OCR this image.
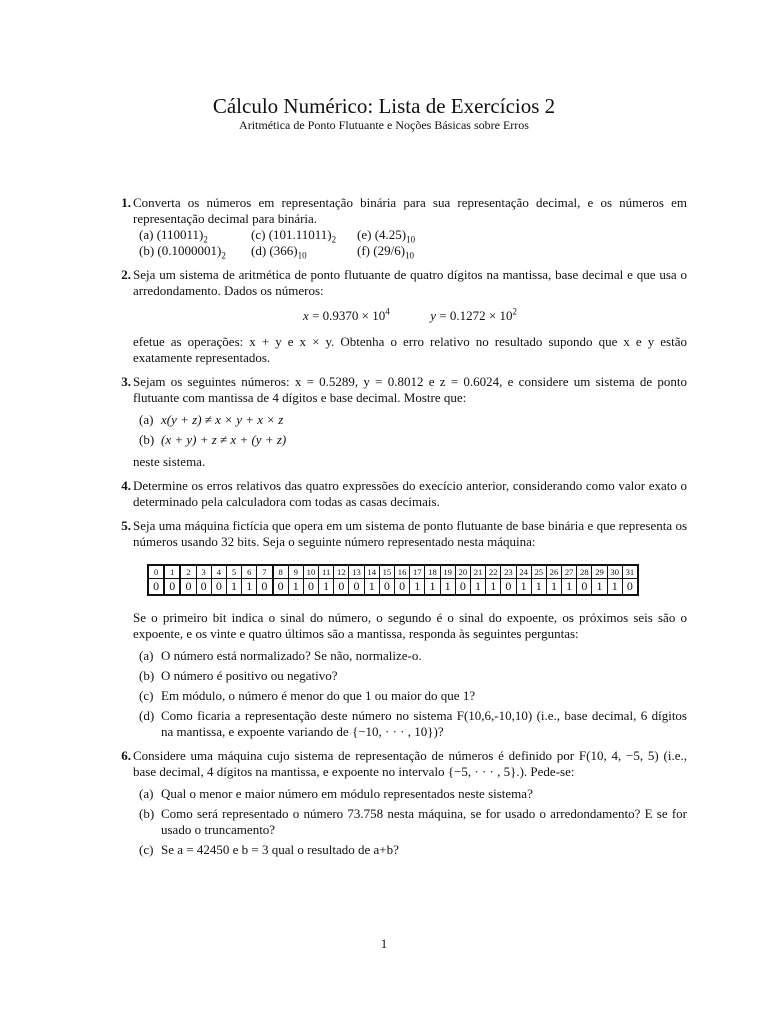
Cálculo Numérico: Lista de Exercícios 2
Aritmética de Ponto Flutuante e Noções Básicas sobre Erros
1. Converta os números em representação binária para sua representação decimal, e os números em representação decimal para binária.

(a) $(110011)_2$	(c) $(101.11011)_2$	(e) $(4.25)_{10}$
(b) $(0.1000001)_2$	(d) $(366)_{10}$	(f) $(29/6)_{10}$
2. Seja um sistema de aritmética de ponto flutuante de quatro dígitos na mantissa, base decimal e que usa o arredondamento. Dados os números:

$x = 0.9370 \times 10^4$	$y = 0.1272 \times 10^2$

efetue as operações: x + y e x × y. Obtenha o erro relativo no resultado supondo que x e y estão exatamente representados.

3. Sejam os seguintes números: x = 0.5289, y = 0.8012 e z = 0.6024, e considere um sistema de ponto flutuante com mantissa de 4 dígitos e base decimal. Mostre que:

(a) x(y + z) ≠ x × y + x × z
(b) (x + y) + z ≠ x + (y + z)

neste sistema.

4. Determine os erros relativos das quatro expressões do execício anterior, considerando como valor exato o determinado pela calculadora com todas as casas decimais.

5. Seja uma máquina fictícia que opera em um sistema de ponto flutuante de base binária e que representa os números usando 32 bits. Seja o seguinte número representado nesta máquina:

0	1	2	3	4	5	6	7	8	9	10	11	12	13	14	15	16	17	18	19	20	21	22	23	24	25	26	27	28	29	30	31
0	0	0	0	0	1	1	0	0	1	0	1	0	0	1	0	0	1	1	1	0	1	1	0	1	1	1	1	0	1	1	0

Se o primeiro bit indica o sinal do número, o segundo é o sinal do expoente, os próximos seis são o expoente, e os vinte e quatro últimos são a mantissa, responda às seguintes perguntas:

(a) O número está normalizado? Se não, normalize-o.
(b) O número é positivo ou negativo?
(c) Em módulo, o número é menor do que 1 ou maior do que 1?
(d) Como ficaria a representação deste número no sistema F(10,6,-10,10) (i.e., base decimal, 6 dígitos na mantissa, e expoente variando de {−10, · · · , 10})?
6. Considere uma máquina cujo sistema de representação de números é definido por F(10, 4, −5, 5) (i.e., base decimal, 4 dígitos na mantissa, e expoente no intervalo {−5, · · · , 5}.). Pede-se:

(a) Qual o menor e maior número em módulo representados neste sistema?
(b) Como será representado o número 73.758 nesta máquina, se for usado o arredondamento? E se for usado o truncamento?
(c) Se a = 42450 e b = 3 qual o resultado de a+b?
1
